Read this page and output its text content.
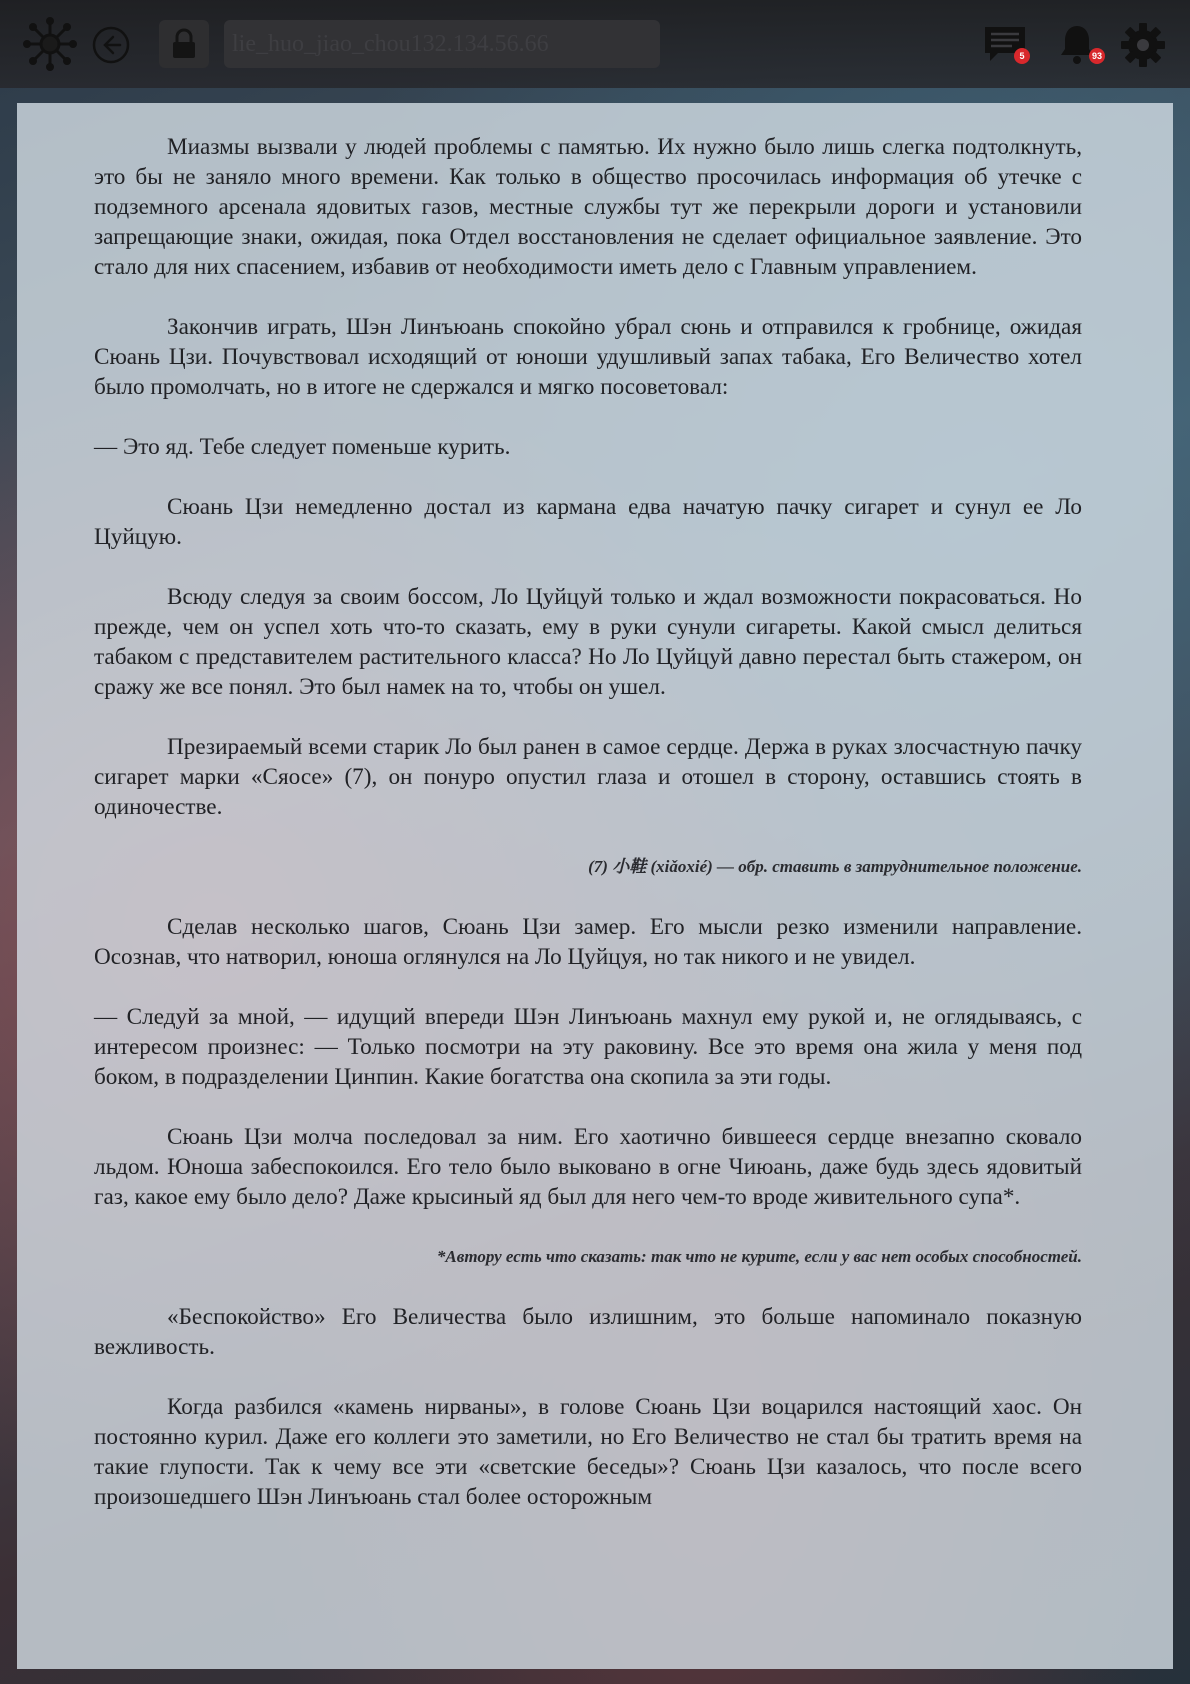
lie_huo_jiao_chou132.134.56.66	5	93

Миазмы вызвали у людей проблемы с памятью. Их нужно было лишь слегка подтолкнуть, это бы не заняло много времени. Как только в общество просочилась информация об утечке с подземного арсенала ядовитых газов, местные службы тут же перекрыли дороги и установили запрещающие знаки, ожидая, пока Отдел восстановления не сделает официальное заявление. Это стало для них спасением, избавив от необходимости иметь дело с Главным управлением.

Закончив играть, Шэн Линъюань спокойно убрал сюнь и отправился к гробнице, ожидая Сюань Цзи. Почувствовал исходящий от юноши удушливый запах табака, Его Величество хотел было промолчать, но в итоге не сдержался и мягко посоветовал:

— Это яд. Тебе следует поменьше курить.

Сюань Цзи немедленно достал из кармана едва начатую пачку сигарет и сунул ее Ло Цуйцую.

Всюду следуя за своим боссом, Ло Цуйцуй только и ждал возможности покрасоваться. Но прежде, чем он успел хоть что-то сказать, ему в руки сунули сигареты. Какой смысл делиться табаком с представителем растительного класса? Но Ло Цуйцуй давно перестал быть стажером, он сражу же все понял. Это был намек на то, чтобы он ушел.

Презираемый всеми старик Ло был ранен в самое сердце. Держа в руках злосчастную пачку сигарет марки «Сяосе» (7), он понуро опустил глаза и отошел в сторону, оставшись стоять в одиночестве.

(7) 小鞋 (xiǎoxié) — обр. ставить в затруднительное положение.

Сделав несколько шагов, Сюань Цзи замер. Его мысли резко изменили направление. Осознав, что натворил, юноша оглянулся на Ло Цуйцуя, но так никого и не увидел.

— Следуй за мной, — идущий впереди Шэн Линъюань махнул ему рукой и, не оглядываясь, с интересом произнес: — Только посмотри на эту раковину. Все это время она жила у меня под боком, в подразделении Цинпин. Какие богатства она скопила за эти годы.

Сюань Цзи молча последовал за ним. Его хаотично бившееся сердце внезапно сковало льдом. Юноша забеспокоился. Его тело было выковано в огне Чиюань, даже будь здесь ядовитый газ, какое ему было дело? Даже крысиный яд был для него чем-то вроде живительного супа*.

*Автору есть что сказать: так что не курите, если у вас нет особых способностей.

«Беспокойство» Его Величества было излишним, это больше напоминало показную вежливость.

Когда разбился «камень нирваны», в голове Сюань Цзи воцарился настоящий хаос. Он постоянно курил. Даже его коллеги это заметили, но Его Величество не стал бы тратить время на такие глупости. Так к чему все эти «светские беседы»? Сюань Цзи казалось, что после всего произошедшего Шэн Линъюань стал более осторожным
